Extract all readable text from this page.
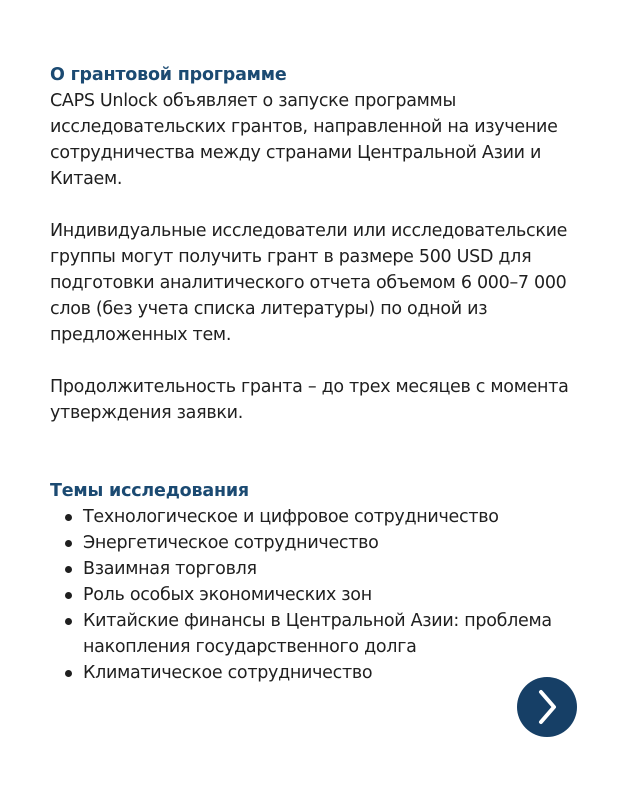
О грантовой программе

CAPS Unlock объявляет о запуске программы
исследовательских грантов, направленной на изучение
сотрудничества между странами Центральной Азии и
Китаем.

Индивидуальные исследователи или исследовательские
группы могут получить грант в размере 500 USD для
подготовки аналитического отчета объемом 6 000–7 000
слов (без учета списка литературы) по одной из
предложенных тем.

Продолжительность гранта – до трех месяцев с момента
утверждения заявки.

Темы исследования
Технологическое и цифровое сотрудничество
Энергетическое сотрудничество
Взаимная торговля
Роль особых экономических зон
Китайские финансы в Центральной Азии: проблема
накопления государственного долга
Климатическое сотрудничество
